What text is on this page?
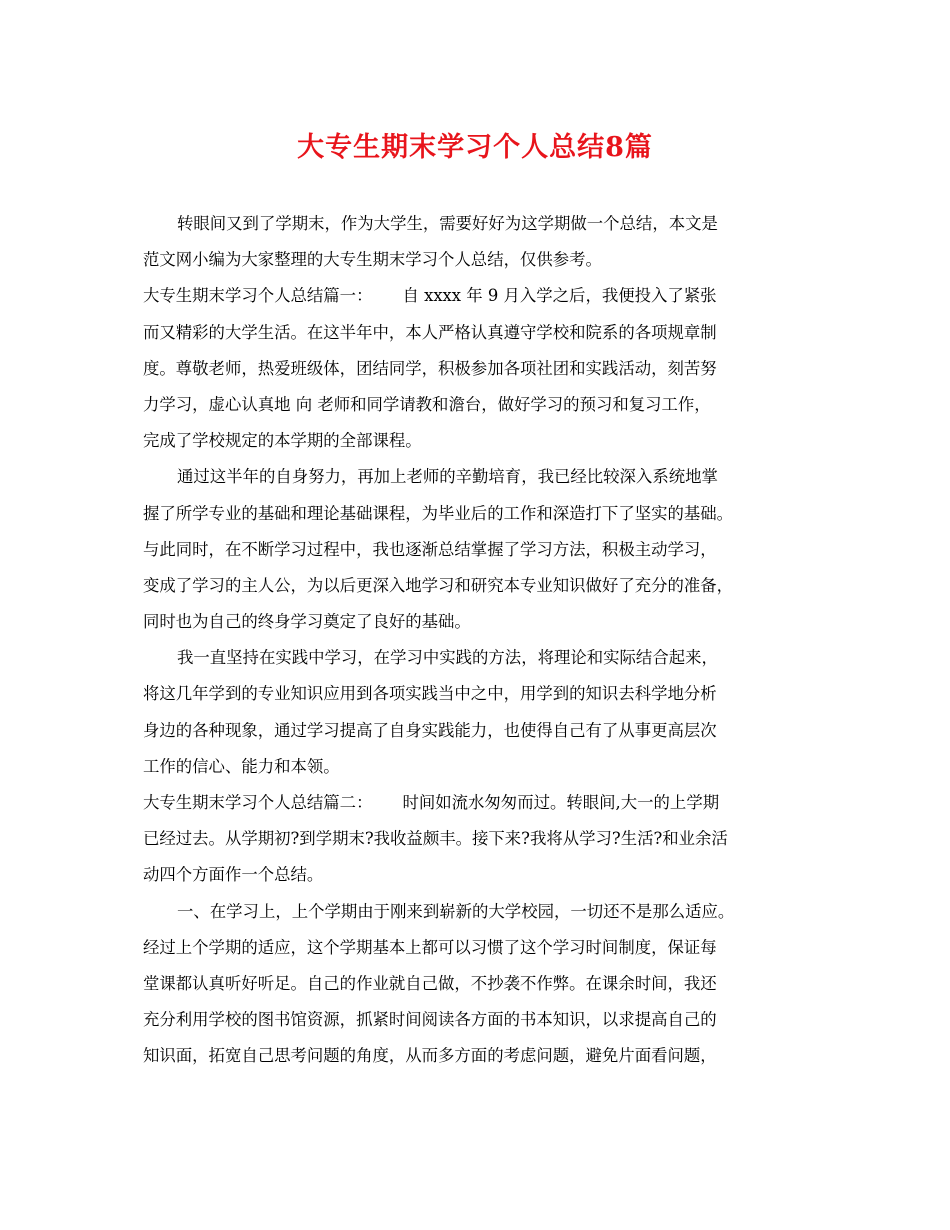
大专生期末学习个人总结8篇
转眼间又到了学期末，作为大学生，需要好好为这学期做一个总结，本文是
范文网小编为大家整理的大专生期末学习个人总结，仅供参考。
大专生期末学习个人总结篇一： 自 xxxx 年 9 月入学之后，我便投入了紧张
而又精彩的大学生活。在这半年中，本人严格认真遵守学校和院系的各项规章制
度。尊敬老师，热爱班级体，团结同学，积极参加各项社团和实践活动，刻苦努
力学习，虚心认真地 向 老师和同学请教和澹台，做好学习的预习和复习工作，
完成了学校规定的本学期的全部课程。
通过这半年的自身努力，再加上老师的辛勤培育，我已经比较深入系统地掌
握了所学专业的基础和理论基础课程，为毕业后的工作和深造打下了坚实的基础。
与此同时，在不断学习过程中，我也逐渐总结掌握了学习方法，积极主动学习，
变成了学习的主人公，为以后更深入地学习和研究本专业知识做好了充分的准备，
同时也为自己的终身学习奠定了良好的基础。
我一直坚持在实践中学习，在学习中实践的方法，将理论和实际结合起来，
将这几年学到的专业知识应用到各项实践当中之中，用学到的知识去科学地分析
身边的各种现象，通过学习提高了自身实践能力，也使得自己有了从事更高层次
工作的信心、能力和本领。
大专生期末学习个人总结篇二： 时间如流水匆匆而过。转眼间,大一的上学期
已经过去。从学期初?到学期末?我收益颇丰。接下来?我将从学习?生活?和业余活
动四个方面作一个总结。
一、在学习上，上个学期由于刚来到崭新的大学校园，一切还不是那么适应。
经过上个学期的适应，这个学期基本上都可以习惯了这个学习时间制度，保证每
堂课都认真听好听足。自己的作业就自己做，不抄袭不作弊。在课余时间，我还
充分利用学校的图书馆资源，抓紧时间阅读各方面的书本知识，以求提高自己的
知识面，拓宽自己思考问题的角度，从而多方面的考虑问题，避免片面看问题，
